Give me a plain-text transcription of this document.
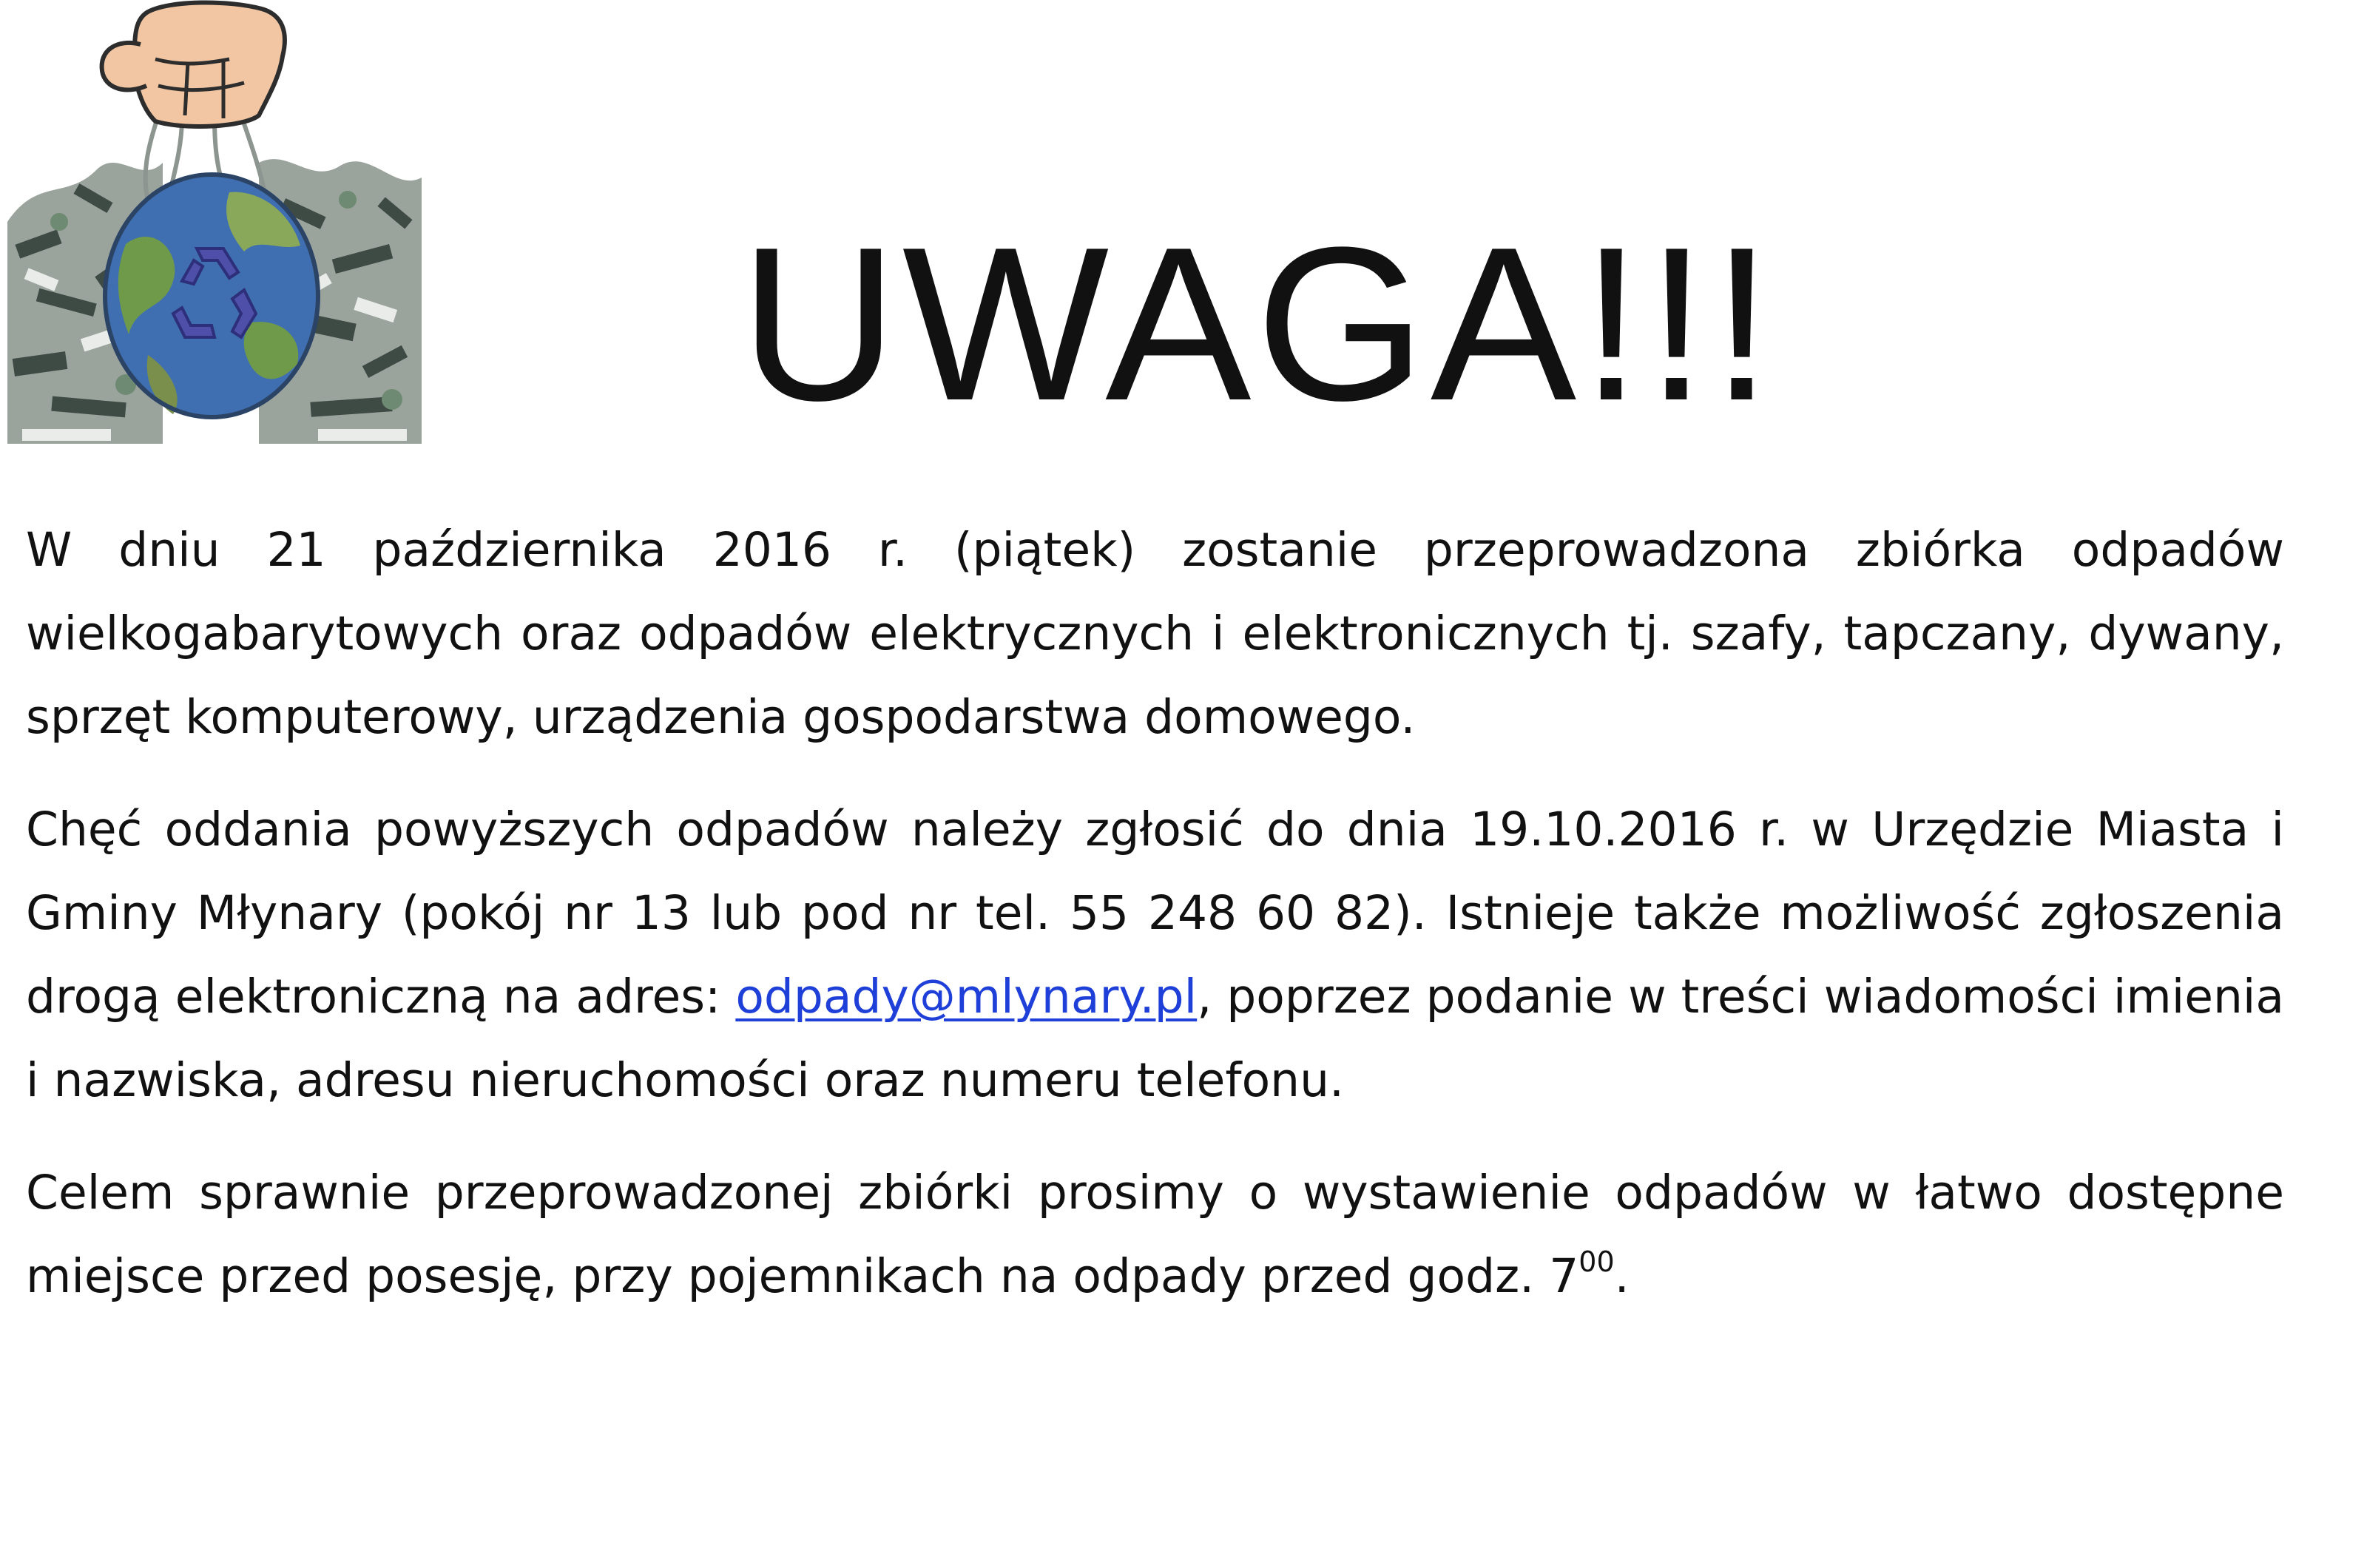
UWAGA!!!

W dniu 21 października 2016 r. (piątek) zostanie przeprowadzona zbiórka odpadów wielkogabarytowych oraz odpadów elektrycznych i elektronicznych tj. szafy, tapczany, dywany, sprzęt komputerowy, urządzenia gospodarstwa domowego.

Chęć oddania powyższych odpadów należy zgłosić do dnia 19.10.2016 r. w Urzędzie Miasta i Gminy Młynary (pokój nr 13 lub pod nr tel. 55 248 60 82). Istnieje także możliwość zgłoszenia drogą elektroniczną na adres: odpady@mlynary.pl, poprzez podanie w treści wiadomości imienia i nazwiska, adresu nieruchomości oraz numeru telefonu.

Celem sprawnie przeprowadzonej zbiórki prosimy o wystawienie odpadów w łatwo dostępne miejsce przed posesję, przy pojemnikach na odpady przed godz. $7^{00}$.
